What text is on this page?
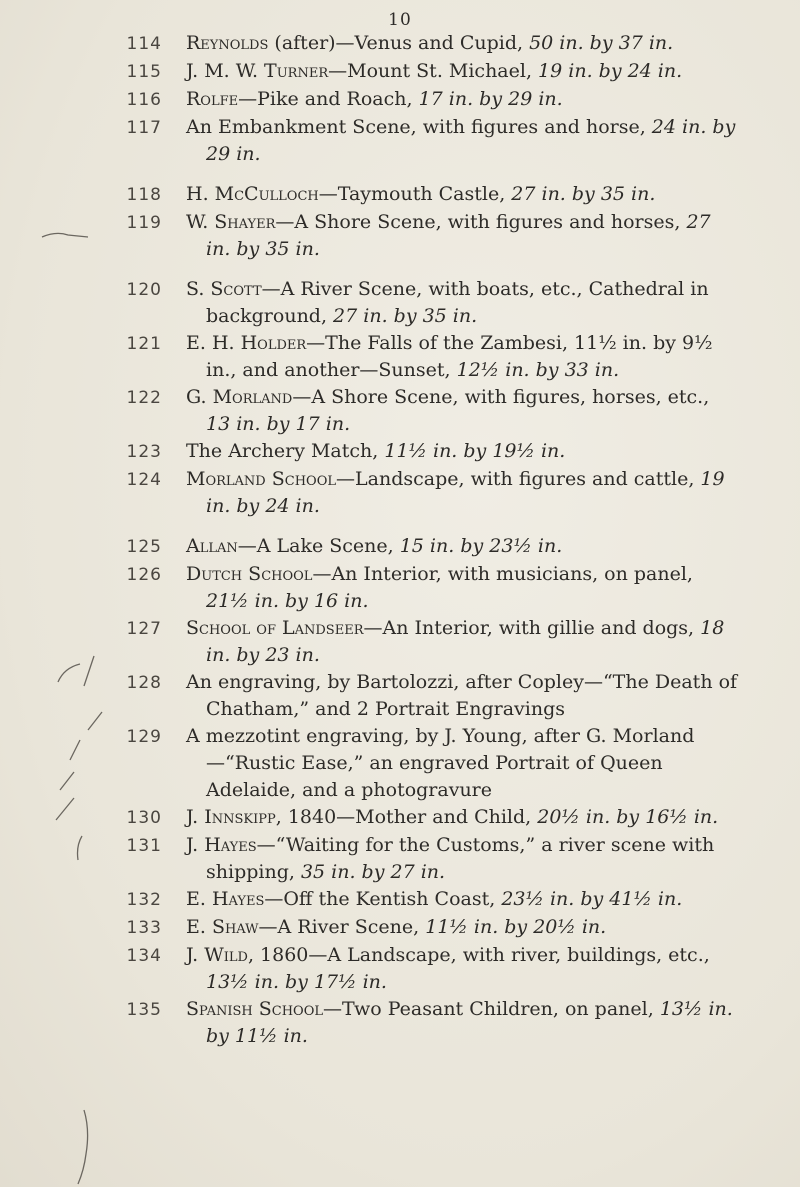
10
114	Reynolds (after)—Venus and Cupid, 50 in. by 37 in.
115	J. M. W. Turner—Mount St. Michael, 19 in. by 24 in.
116	Rolfe—Pike and Roach, 17 in. by 29 in.
117	An Embankment Scene, with figures and horse, 24 in. by 29 in.
118	H. McCulloch—Taymouth Castle, 27 in. by 35 in.
119	W. Shayer—A Shore Scene, with figures and horses, 27 in. by 35 in.
120	S. Scott—A River Scene, with boats, etc., Cathedral in background, 27 in. by 35 in.
121	E. H. Holder—The Falls of the Zambesi, 11½ in. by 9½ in., and another—Sunset, 12½ in. by 33 in.
122	G. Morland—A Shore Scene, with figures, horses, etc., 13 in. by 17 in.
123	The Archery Match, 11½ in. by 19½ in.
124	Morland School—Landscape, with figures and cattle, 19 in. by 24 in.
125	Allan—A Lake Scene, 15 in. by 23½ in.
126	Dutch School—An Interior, with musicians, on panel, 21½ in. by 16 in.
127	School of Landseer—An Interior, with gillie and dogs, 18 in. by 23 in.
128	An engraving, by Bartolozzi, after Copley—“The Death of Chatham,” and 2 Portrait Engravings
129	A mezzotint engraving, by J. Young, after G. Morland—“Rustic Ease,” an engraved Portrait of Queen Adelaide, and a photogravure
130	J. Innskipp, 1840—Mother and Child, 20½ in. by 16½ in.
131	J. Hayes—“Waiting for the Customs,” a river scene with shipping, 35 in. by 27 in.
132	E. Hayes—Off the Kentish Coast, 23½ in. by 41½ in.
133	E. Shaw—A River Scene, 11½ in. by 20½ in.
134	J. Wild, 1860—A Landscape, with river, buildings, etc., 13½ in. by 17½ in.
135	Spanish School—Two Peasant Children, on panel, 13½ in. by 11½ in.
